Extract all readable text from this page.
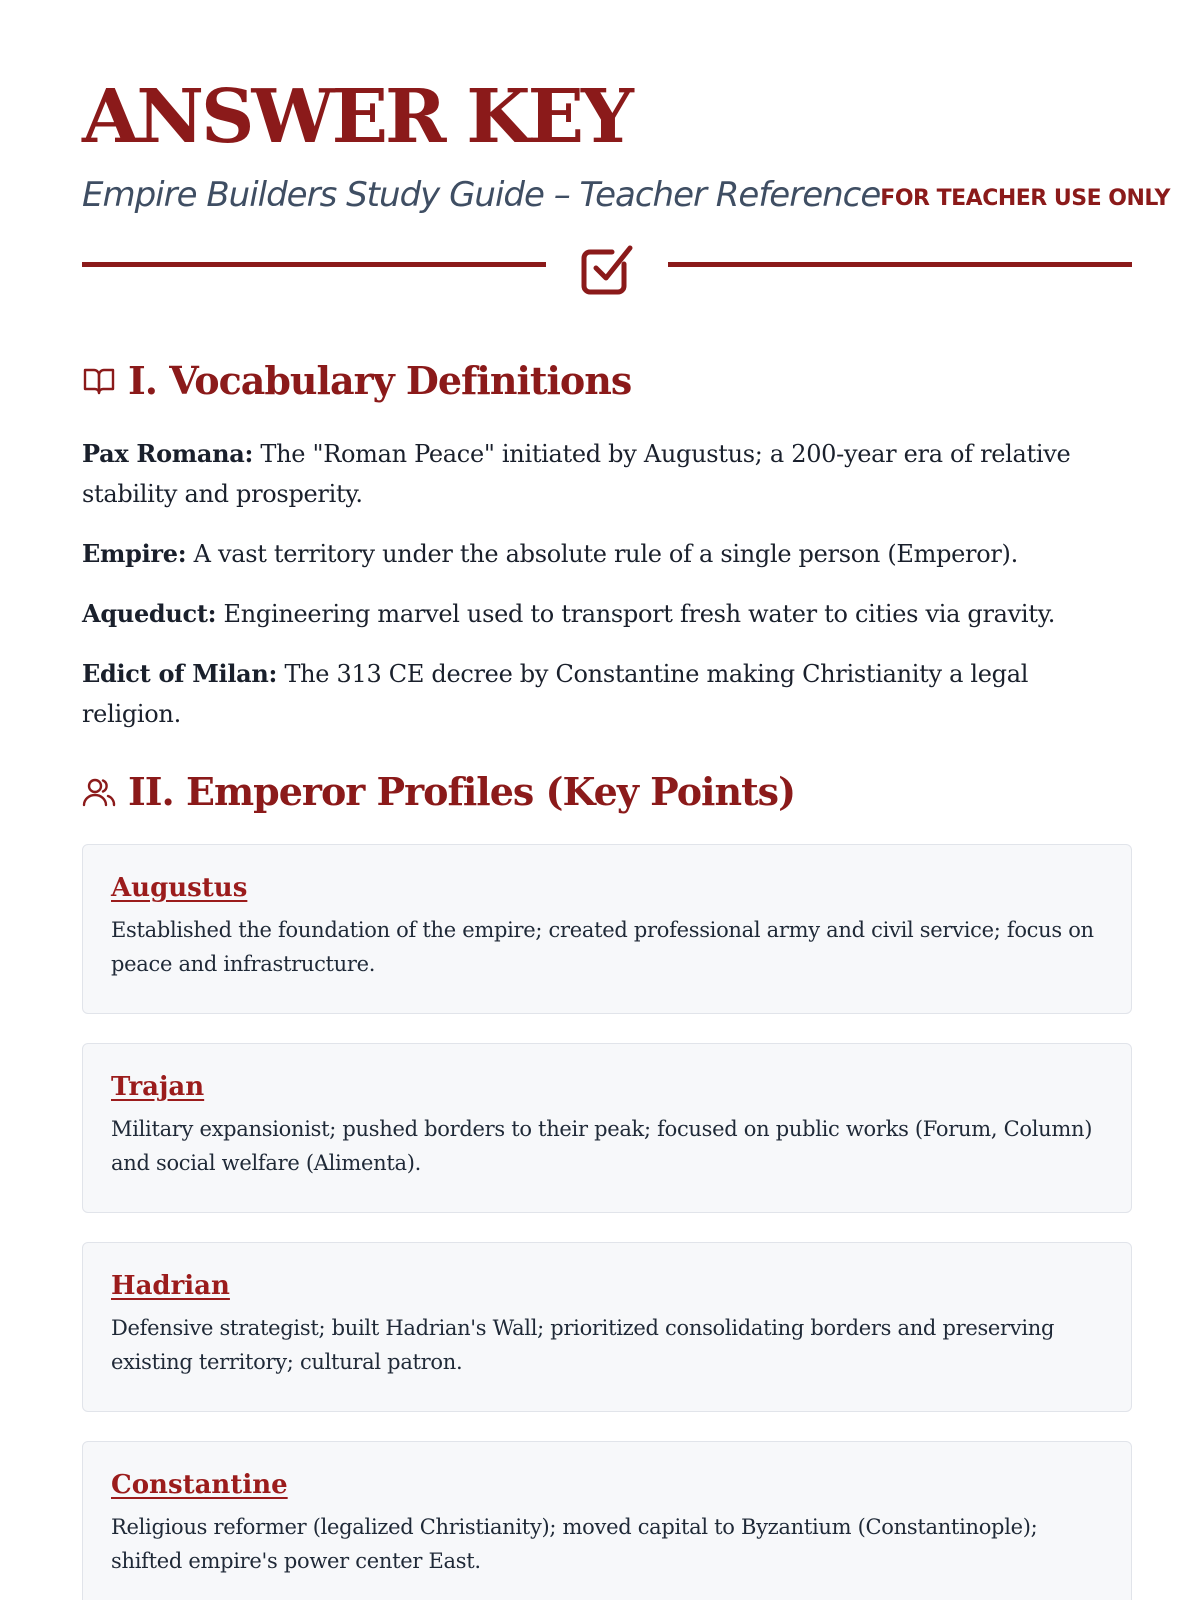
ANSWER KEY
Empire Builders Study Guide – Teacher Reference FOR TEACHER USE ONLY
I. Vocabulary Definitions

Pax Romana: The "Roman Peace" initiated by Augustus; a 200-year era of relative stability and prosperity.

Empire: A vast territory under the absolute rule of a single person (Emperor).

Aqueduct: Engineering marvel used to transport fresh water to cities via gravity.

Edict of Milan: The 313 CE decree by Constantine making Christianity a legal religion.

II. Emperor Profiles (Key Points)
Augustus
Established the foundation of the empire; created professional army and civil service; focus on peace and infrastructure.
Trajan
Military expansionist; pushed borders to their peak; focused on public works (Forum, Column) and social welfare (Alimenta).
Hadrian
Defensive strategist; built Hadrian's Wall; prioritized consolidating borders and preserving existing territory; cultural patron.
Constantine
Religious reformer (legalized Christianity); moved capital to Byzantium (Constantinople); shifted empire's power center East.
